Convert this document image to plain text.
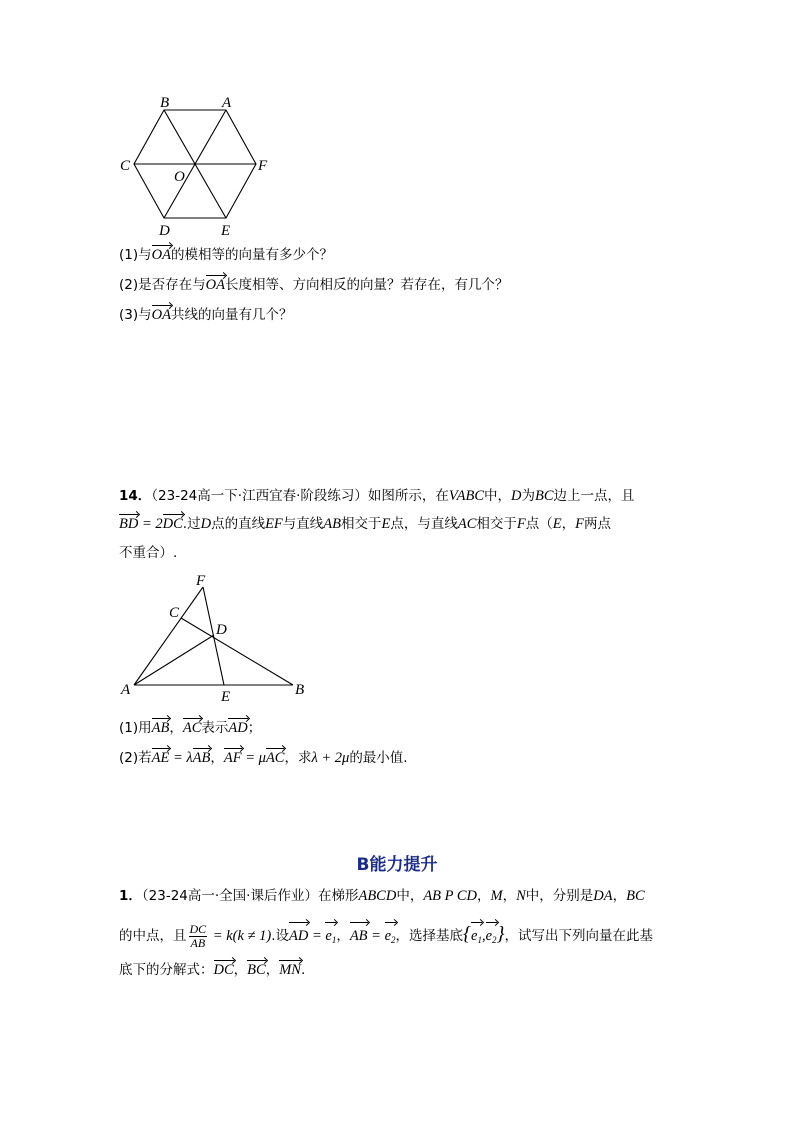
B	A
C	F
O
D	E
(1)与OA的模相等的向量有多少个？
(2)是否存在与OA长度相等、方向相反的向量？若存在，有几个？
(3)与OA共线的向量有几个？
14．（23-24高一下·江西宜春·阶段练习）如图所示，在VABC中，D为BC边上一点，且
BD = 2DC.过D点的直线EF与直线AB相交于E点，与直线AC相交于F点（E，F两点
不重合）.
F
C
D
A	E	B
(1)用AB，AC表示AD；
(2)若AE = λAB，AF = μAC，求λ + 2μ的最小值.
B能力提升
1．（23-24高一·全国·课后作业）在梯形ABCD中，AB P CD，M，N中，分别是DA，BC
的中点，且 $\frac{DC}{AB} = k(k \ne 1)$.设AD = $e_1$，AB = $e_2$，选择基底$\{e_1,e_2\}$，试写出下列向量在此基
底下的分解式：DC，BC，MN.
